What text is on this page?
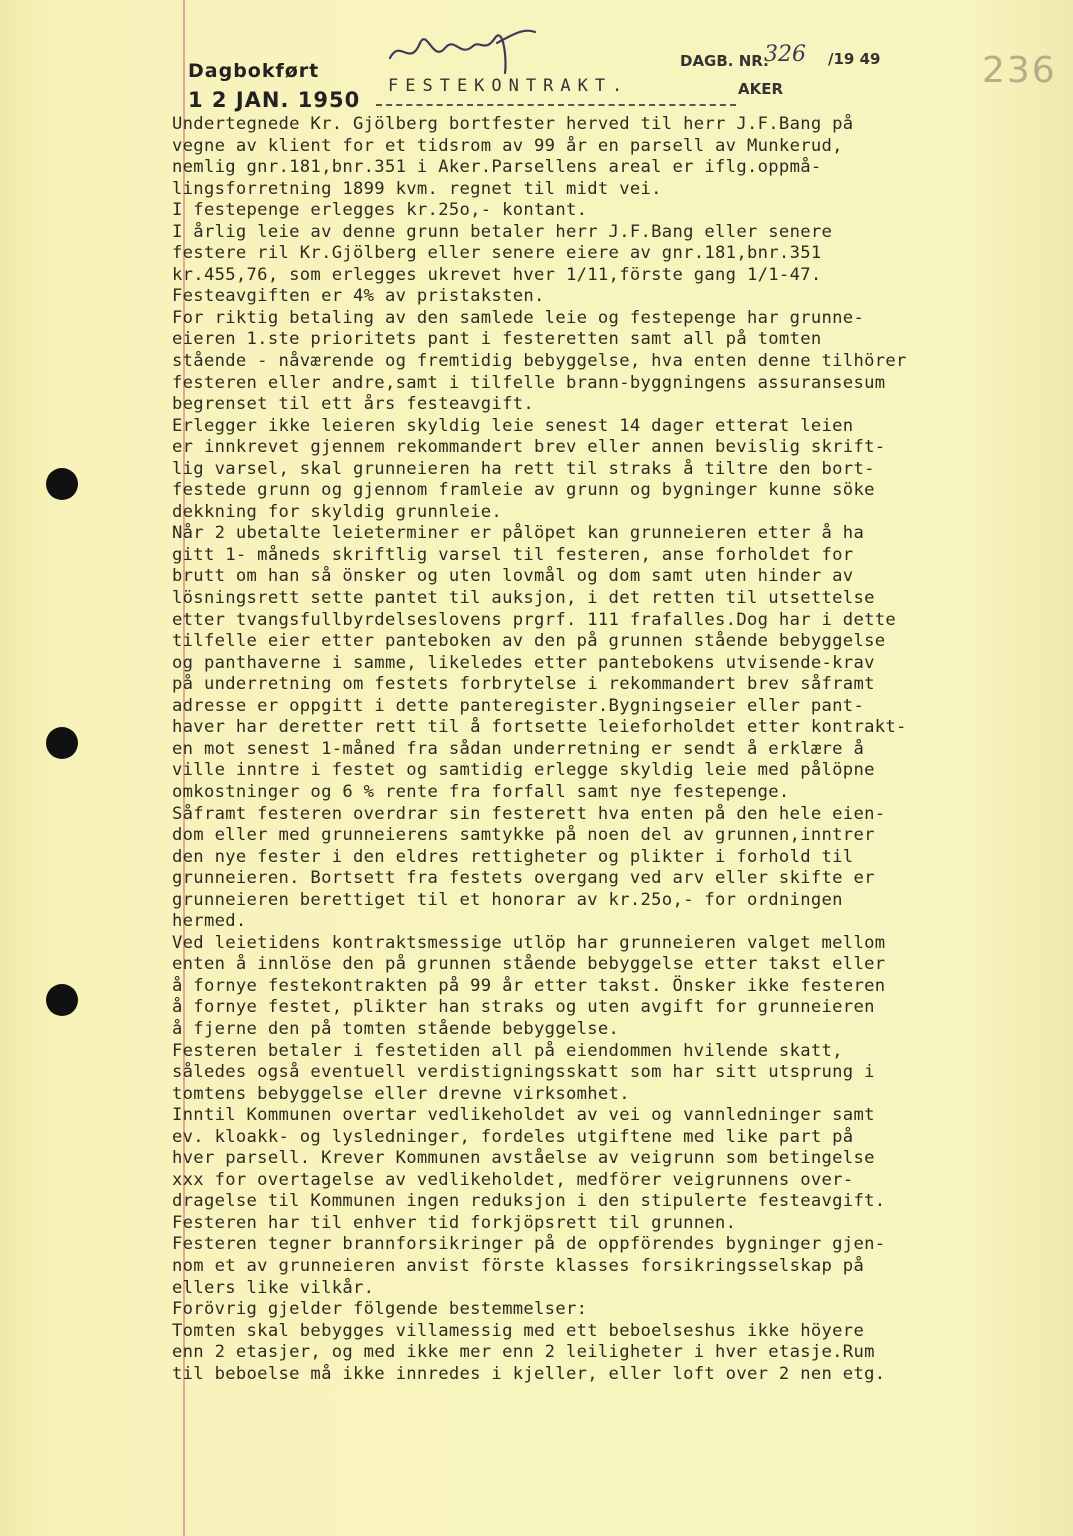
Dagbokført
1 2 JAN. 1950
FESTEKONTRAKT.
DAGB. NR.
326 /19 49
AKER	236
Undertegnede Kr. Gjölberg bortfester herved til herr J.F.Bang på
vegne av klient for et tidsrom av 99 år en parsell av Munkerud,
nemlig gnr.181,bnr.351 i Aker.Parsellens areal er iflg.oppmå-
lingsforretning 1899 kvm. regnet til midt vei.
I festepenge erlegges kr.25o,- kontant.
I årlig leie av denne grunn betaler herr J.F.Bang eller senere
festere ril Kr.Gjölberg eller senere eiere av gnr.181,bnr.351
kr.455,76, som erlegges ukrevet hver 1/11,förste gang 1/1-47.
Festeavgiften er 4% av pristaksten.
For riktig betaling av den samlede leie og festepenge har grunne-
eieren 1.ste prioritets pant i festeretten samt all på tomten
stående - nåværende og fremtidig bebyggelse, hva enten denne tilhörer
festeren eller andre,samt i tilfelle brann-byggningens assuransesum
begrenset til ett års festeavgift.
Erlegger ikke leieren skyldig leie senest 14 dager etterat leien
er innkrevet gjennem rekommandert brev eller annen bevislig skrift-
lig varsel, skal grunneieren ha rett til straks å tiltre den bort-
festede grunn og gjennom framleie av grunn og bygninger kunne söke
dekkning for skyldig grunnleie.
Når 2 ubetalte leieterminer er pålöpet kan grunneieren etter å ha
gitt 1- måneds skriftlig varsel til festeren, anse forholdet for
brutt om han så önsker og uten lovmål og dom samt uten hinder av
lösningsrett sette pantet til auksjon, i det retten til utsettelse
etter tvangsfullbyrdelseslovens prgrf. 111 frafalles.Dog har i dette
tilfelle eier etter panteboken av den på grunnen stående bebyggelse
og panthaverne i samme, likeledes etter pantebokens utvisende-krav
på underretning om festets forbrytelse i rekommandert brev såframt
adresse er oppgitt i dette panteregister.Bygningseier eller pant-
haver har deretter rett til å fortsette leieforholdet etter kontrakt-
en mot senest 1-måned fra sådan underretning er sendt å erklære å
ville inntre i festet og samtidig erlegge skyldig leie med pålöpne
omkostninger og 6 % rente fra forfall samt nye festepenge.
Såframt festeren overdrar sin festerett hva enten på den hele eien-
dom eller med grunneierens samtykke på noen del av grunnen,inntrer
den nye fester i den eldres rettigheter og plikter i forhold til
grunneieren. Bortsett fra festets overgang ved arv eller skifte er
grunneieren berettiget til et honorar av kr.25o,- for ordningen
hermed.
Ved leietidens kontraktsmessige utlöp har grunneieren valget mellom
enten å innlöse den på grunnen stående bebyggelse etter takst eller
å fornye festekontrakten på 99 år etter takst. Önsker ikke festeren
å fornye festet, plikter han straks og uten avgift for grunneieren
å fjerne den på tomten stående bebyggelse.
Festeren betaler i festetiden all på eiendommen hvilende skatt,
således også eventuell verdistigningsskatt som har sitt utsprung i
tomtens bebyggelse eller drevne virksomhet.
Inntil Kommunen overtar vedlikeholdet av vei og vannledninger samt
ev. kloakk- og lysledninger, fordeles utgiftene med like part på
hver parsell. Krever Kommunen avståelse av veigrunn som betingelse
xxx for overtagelse av vedlikeholdet, medförer veigrunnens over-
dragelse til Kommunen ingen reduksjon i den stipulerte festeavgift.
Festeren har til enhver tid forkjöpsrett til grunnen.
Festeren tegner brannforsikringer på de oppförendes bygninger gjen-
nom et av grunneieren anvist förste klasses forsikringsselskap på
ellers like vilkår.
Forövrig gjelder fölgende bestemmelser:
Tomten skal bebygges villamessig med ett beboelseshus ikke höyere
enn 2 etasjer, og med ikke mer enn 2 leiligheter i hver etasje.Rum
til beboelse må ikke innredes i kjeller, eller loft over 2 nen etg.
